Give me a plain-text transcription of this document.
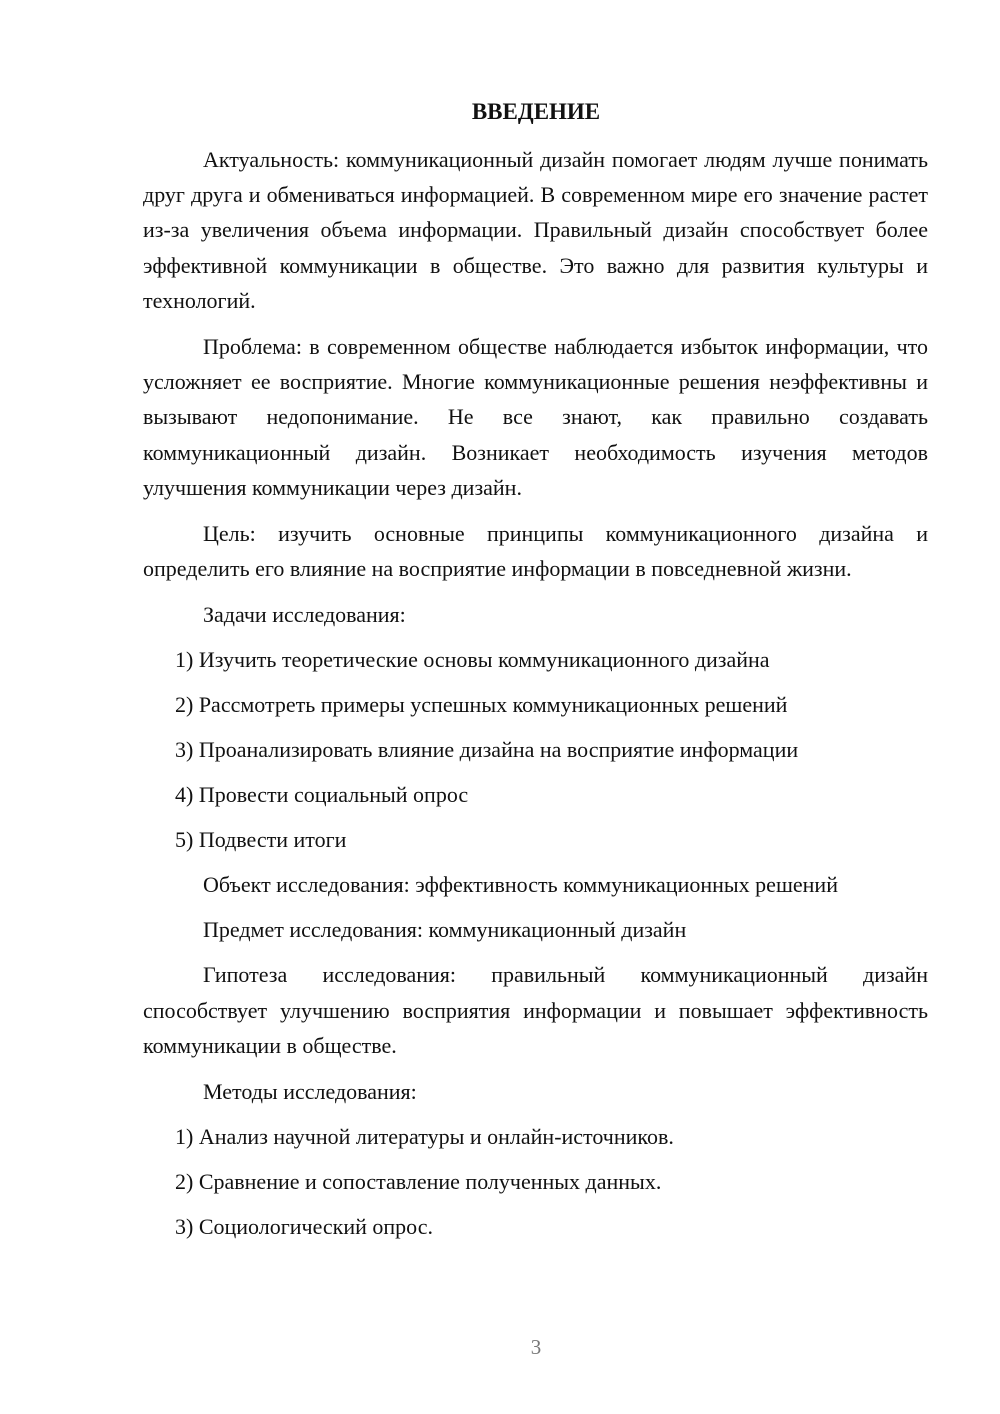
ВВЕДЕНИЕ

Актуальность: коммуникационный дизайн помогает людям лучше понимать друг друга и обмениваться информацией. В современном мире его значение растет из-за увеличения объема информации. Правильный дизайн способствует более эффективной коммуникации в обществе. Это важно для развития культуры и технологий.

Проблема: в современном обществе наблюдается избыток информации, что усложняет ее восприятие. Многие коммуникационные решения неэффективны и вызывают недопонимание. Не все знают, как правильно создавать коммуникационный дизайн. Возникает необходимость изучения методов улучшения коммуникации через дизайн.

Цель: изучить основные принципы коммуникационного дизайна и определить его влияние на восприятие информации в повседневной жизни.

Задачи исследования:

1) Изучить теоретические основы коммуникационного дизайна

2) Рассмотреть примеры успешных коммуникационных решений

3) Проанализировать влияние дизайна на восприятие информации

4) Провести социальный опрос

5) Подвести итоги

Объект исследования: эффективность коммуникационных решений

Предмет исследования: коммуникационный дизайн

Гипотеза исследования: правильный коммуникационный дизайн способствует улучшению восприятия информации и повышает эффективность коммуникации в обществе.

Методы исследования:

1) Анализ научной литературы и онлайн-источников.

2) Сравнение и сопоставление полученных данных.

3) Социологический опрос.

3
